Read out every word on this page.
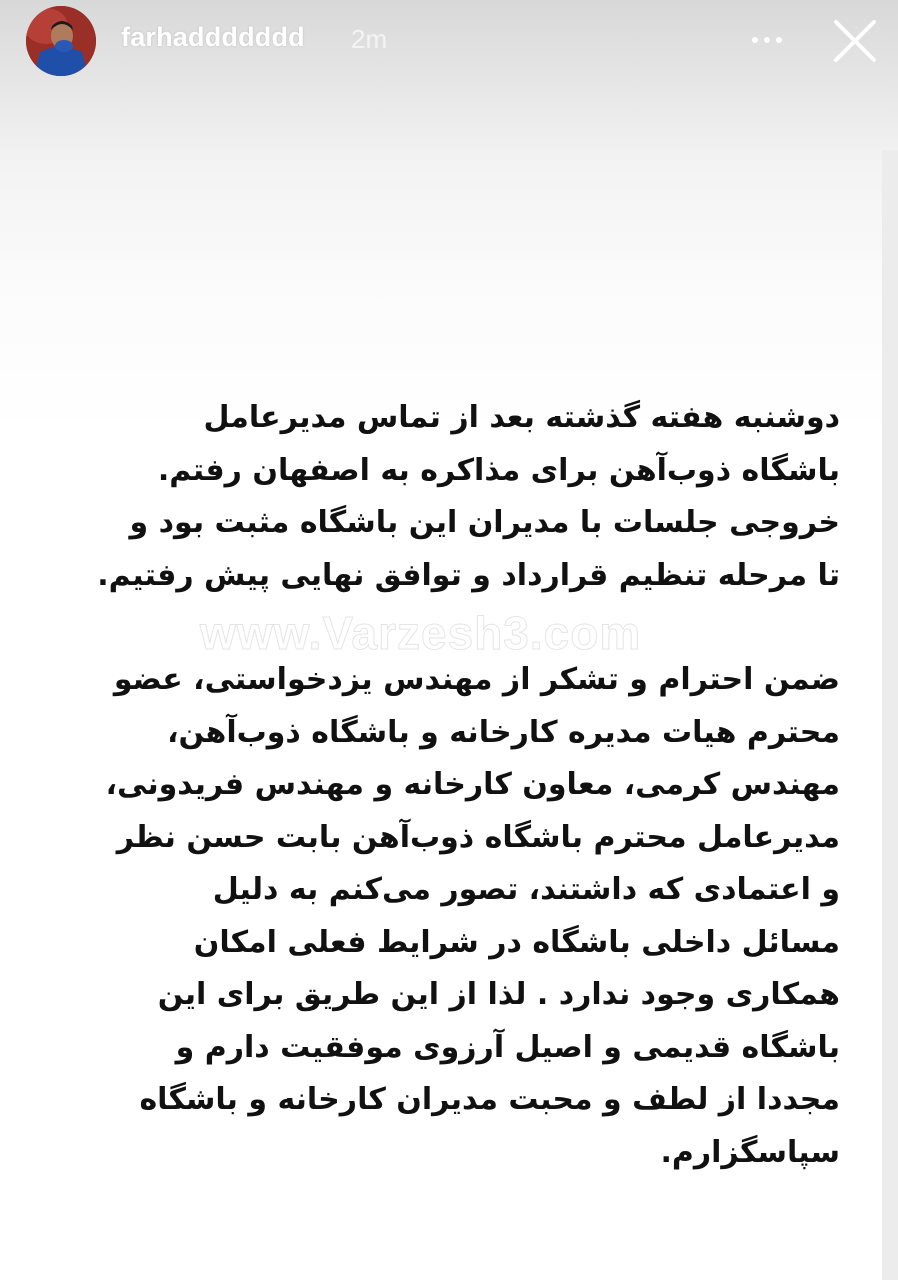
farhaddddddd 2m

دوشنبه هفته گذشته بعد از تماس مدیرعامل
باشگاه ذوب‌آهن برای مذاکره به اصفهان رفتم.
خروجی جلسات با مدیران این باشگاه مثبت بود و
تا مرحله تنظیم قرارداد و توافق نهایی پیش رفتیم.

ضمن احترام و تشکر از مهندس یزدخواستی، عضو
محترم هیات مدیره کارخانه و باشگاه ذوب‌آهن،
مهندس کرمی، معاون کارخانه و مهندس فریدونی،
مدیرعامل محترم باشگاه ذوب‌آهن بابت حسن نظر
و اعتمادی که داشتند، تصور می‌کنم به دلیل
مسائل داخلی باشگاه در شرایط فعلی امکان
همکاری وجود ندارد . لذا از این طریق برای این
باشگاه قدیمی و اصیل آرزوی موفقیت دارم و
مجددا از لطف و محبت مدیران کارخانه و باشگاه
سپاسگزارم.

www.Varzesh3.com
